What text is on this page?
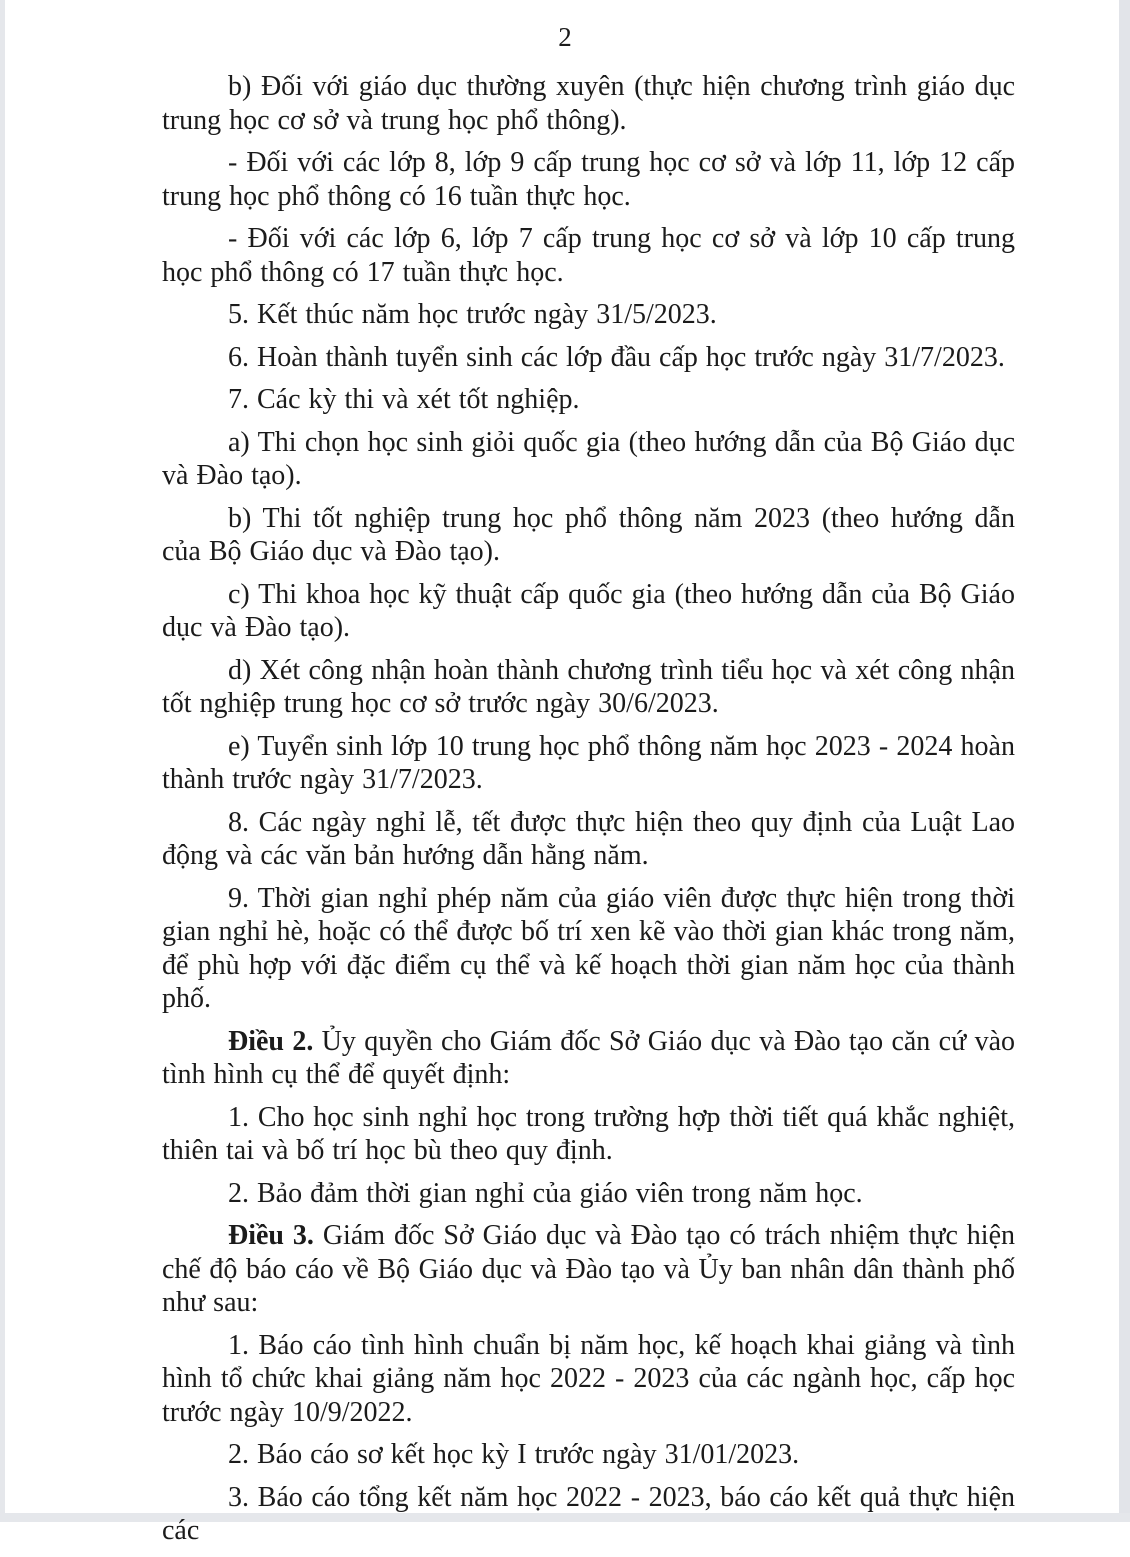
2

b) Đối với giáo dục thường xuyên (thực hiện chương trình giáo dục trung học cơ sở và trung học phổ thông).

- Đối với các lớp 8, lớp 9 cấp trung học cơ sở và lớp 11, lớp 12 cấp trung học phổ thông có 16 tuần thực học.

- Đối với các lớp 6, lớp 7 cấp trung học cơ sở và lớp 10 cấp trung học phổ thông có 17 tuần thực học.

5. Kết thúc năm học trước ngày 31/5/2023.

6. Hoàn thành tuyển sinh các lớp đầu cấp học trước ngày 31/7/2023.

7. Các kỳ thi và xét tốt nghiệp.

a) Thi chọn học sinh giỏi quốc gia (theo hướng dẫn của Bộ Giáo dục và Đào tạo).

b) Thi tốt nghiệp trung học phổ thông năm 2023 (theo hướng dẫn của Bộ Giáo dục và Đào tạo).

c) Thi khoa học kỹ thuật cấp quốc gia (theo hướng dẫn của Bộ Giáo dục và Đào tạo).

d) Xét công nhận hoàn thành chương trình tiểu học và xét công nhận tốt nghiệp trung học cơ sở trước ngày 30/6/2023.

e) Tuyển sinh lớp 10 trung học phổ thông năm học 2023 - 2024 hoàn thành trước ngày 31/7/2023.

8. Các ngày nghỉ lễ, tết được thực hiện theo quy định của Luật Lao động và các văn bản hướng dẫn hằng năm.

9. Thời gian nghỉ phép năm của giáo viên được thực hiện trong thời gian nghỉ hè, hoặc có thể được bố trí xen kẽ vào thời gian khác trong năm, để phù hợp với đặc điểm cụ thể và kế hoạch thời gian năm học của thành phố.

Điều 2. Ủy quyền cho Giám đốc Sở Giáo dục và Đào tạo căn cứ vào tình hình cụ thể để quyết định:

1. Cho học sinh nghỉ học trong trường hợp thời tiết quá khắc nghiệt, thiên tai và bố trí học bù theo quy định.

2. Bảo đảm thời gian nghỉ của giáo viên trong năm học.

Điều 3. Giám đốc Sở Giáo dục và Đào tạo có trách nhiệm thực hiện chế độ báo cáo về Bộ Giáo dục và Đào tạo và Ủy ban nhân dân thành phố như sau:

1. Báo cáo tình hình chuẩn bị năm học, kế hoạch khai giảng và tình hình tổ chức khai giảng năm học 2022 - 2023 của các ngành học, cấp học trước ngày 10/9/2022.

2. Báo cáo sơ kết học kỳ I trước ngày 31/01/2023.

3. Báo cáo tổng kết năm học 2022 - 2023, báo cáo kết quả thực hiện các
